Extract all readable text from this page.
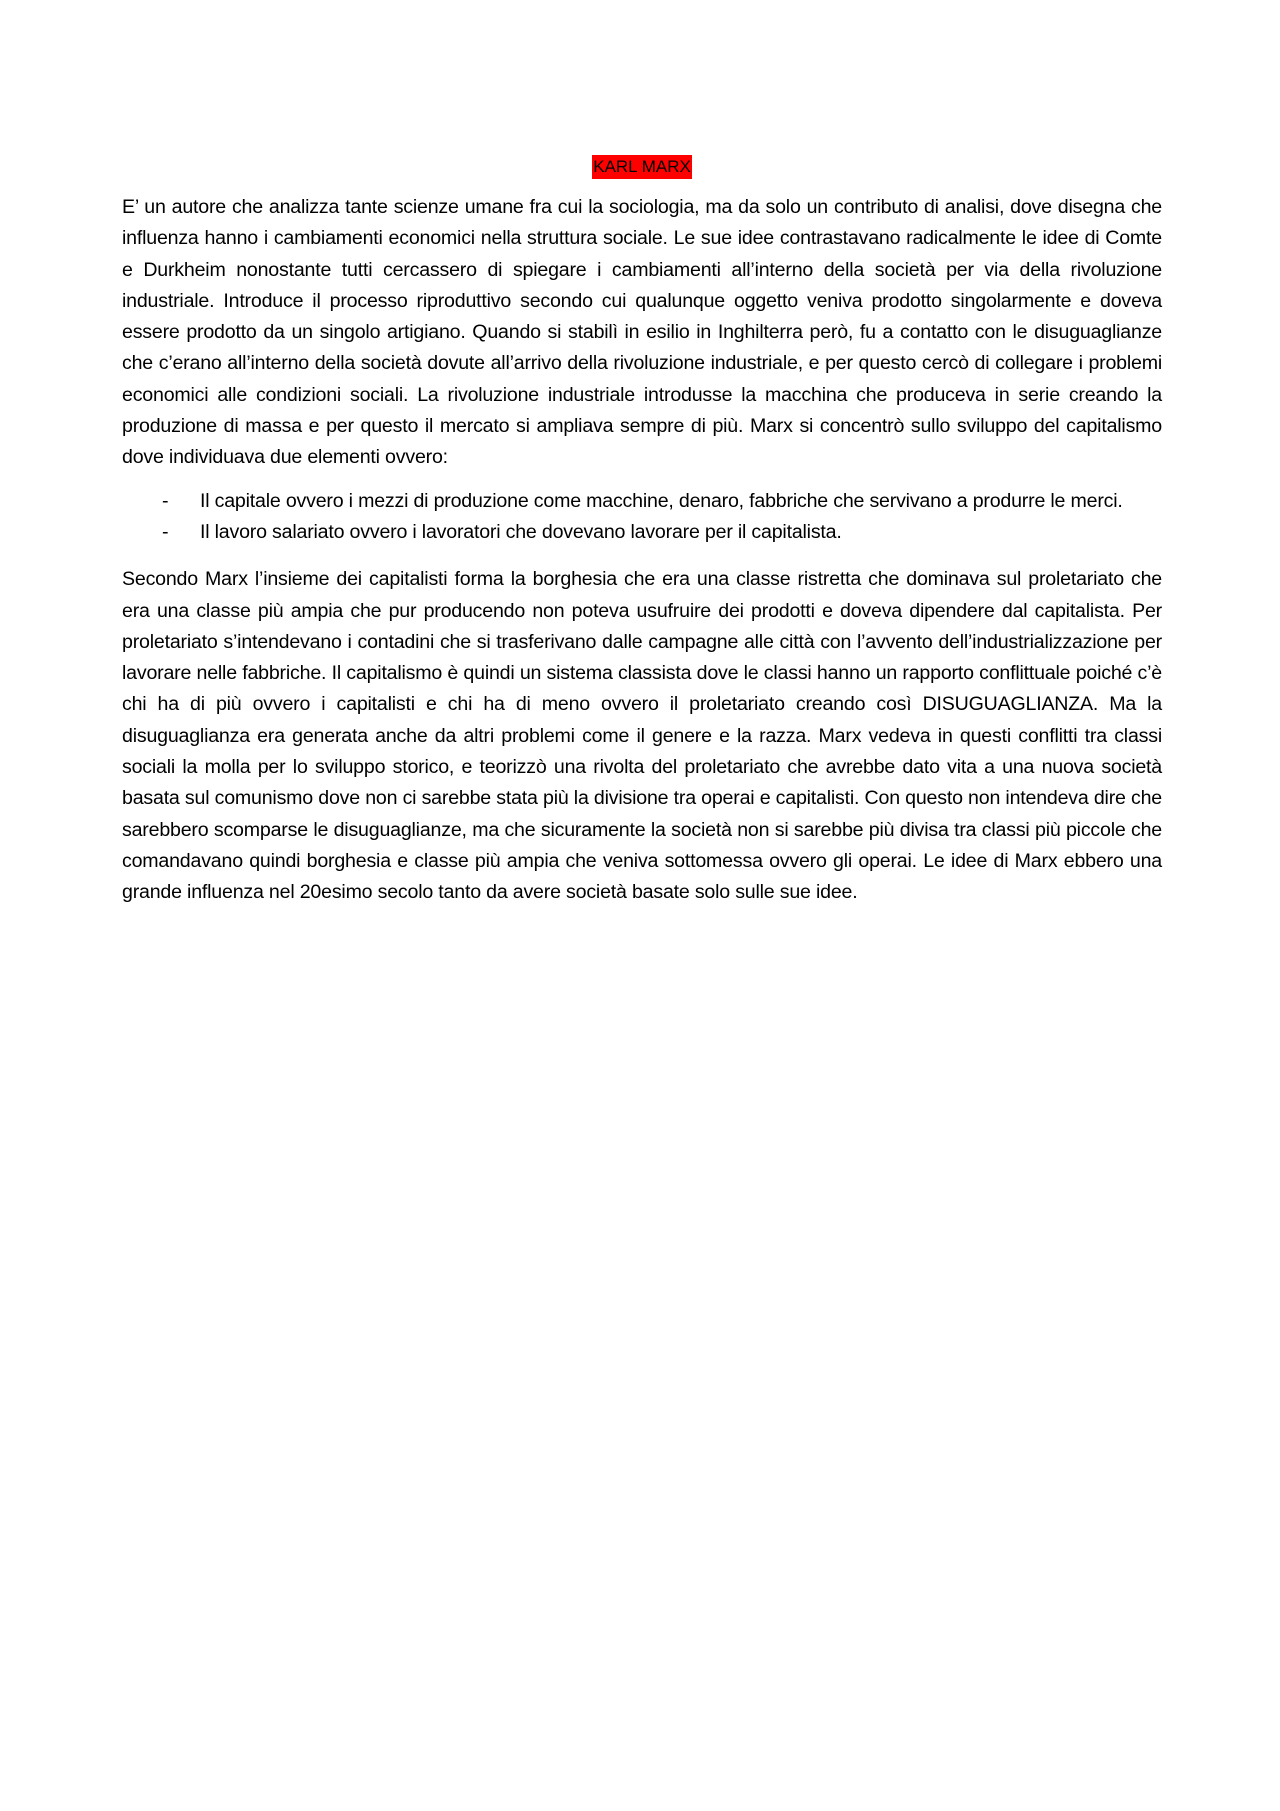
KARL MARX

E’ un autore che analizza tante scienze umane fra cui la sociologia, ma da solo un contributo di analisi, dove disegna che influenza hanno i cambiamenti economici nella struttura sociale. Le sue idee contrastavano radicalmente le idee di Comte e Durkheim nonostante tutti cercassero di spiegare i cambiamenti all’interno della società per via della rivoluzione industriale. Introduce il processo riproduttivo secondo cui qualunque oggetto veniva prodotto singolarmente e doveva essere prodotto da un singolo artigiano. Quando si stabilì in esilio in Inghilterra però, fu a contatto con le disuguaglianze che c’erano all’interno della società dovute all’arrivo della rivoluzione industriale, e per questo cercò di collegare i problemi economici alle condizioni sociali. La rivoluzione industriale introdusse la macchina che produceva in serie creando la produzione di massa e per questo il mercato si ampliava sempre di più. Marx si concentrò sullo sviluppo del capitalismo dove individuava due elementi ovvero:

- Il capitale ovvero i mezzi di produzione come macchine, denaro, fabbriche che servivano a produrre le merci.
- Il lavoro salariato ovvero i lavoratori che dovevano lavorare per il capitalista.

Secondo Marx l’insieme dei capitalisti forma la borghesia che era una classe ristretta che dominava sul proletariato che era una classe più ampia che pur producendo non poteva usufruire dei prodotti e doveva dipendere dal capitalista. Per proletariato s’intendevano i contadini che si trasferivano dalle campagne alle città con l’avvento dell’industrializzazione per lavorare nelle fabbriche. Il capitalismo è quindi un sistema classista dove le classi hanno un rapporto conflittuale poiché c’è chi ha di più ovvero i capitalisti e chi ha di meno ovvero il proletariato creando così DISUGUAGLIANZA. Ma la disuguaglianza era generata anche da altri problemi come il genere e la razza. Marx vedeva in questi conflitti tra classi sociali la molla per lo sviluppo storico, e teorizzò una rivolta del proletariato che avrebbe dato vita a una nuova società basata sul comunismo dove non ci sarebbe stata più la divisione tra operai e capitalisti. Con questo non intendeva dire che sarebbero scomparse le disuguaglianze, ma che sicuramente la società non si sarebbe più divisa tra classi più piccole che comandavano quindi borghesia e classe più ampia che veniva sottomessa ovvero gli operai. Le idee di Marx ebbero una grande influenza nel 20esimo secolo tanto da avere società basate solo sulle sue idee.
